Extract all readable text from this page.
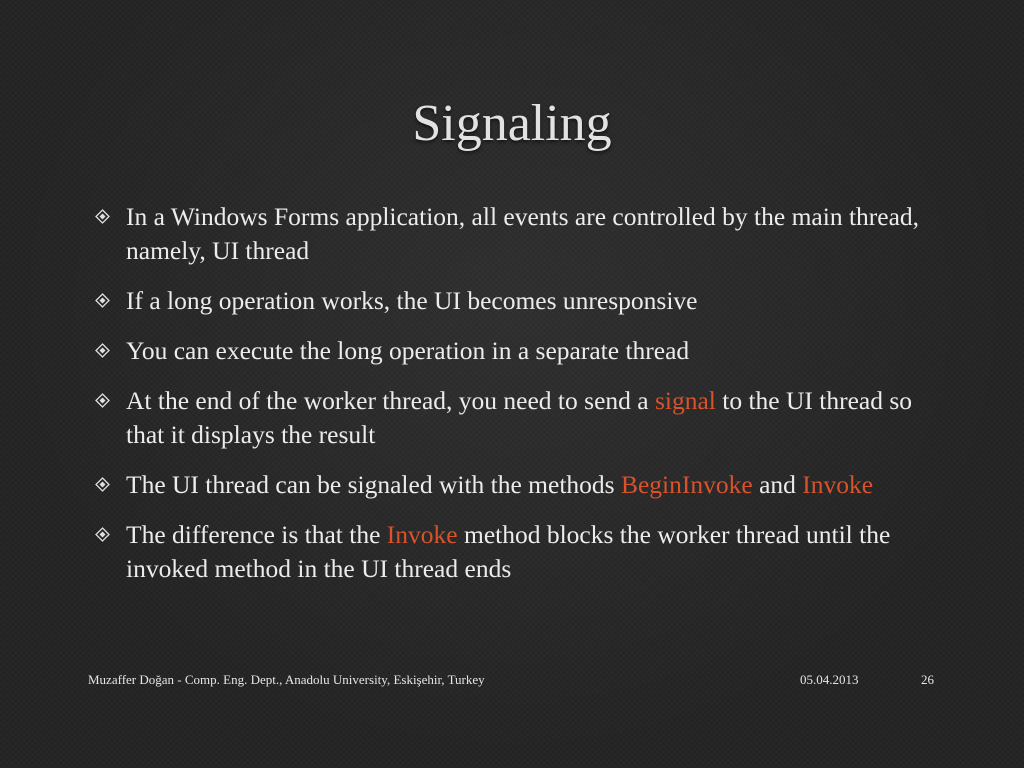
Signaling
In a Windows Forms application, all events are controlled by the main thread, namely, UI thread
If a long operation works, the UI becomes unresponsive
You can execute the long operation in a separate thread
At the end of the worker thread, you need to send a signal to the UI thread so that it displays the result
The UI thread can be signaled with the methods BeginInvoke and Invoke
The difference is that the Invoke method blocks the worker thread until the invoked method in the UI thread ends
Muzaffer Doğan - Comp. Eng. Dept., Anadolu University, Eskişehir, Turkey	05.04.2013	26
